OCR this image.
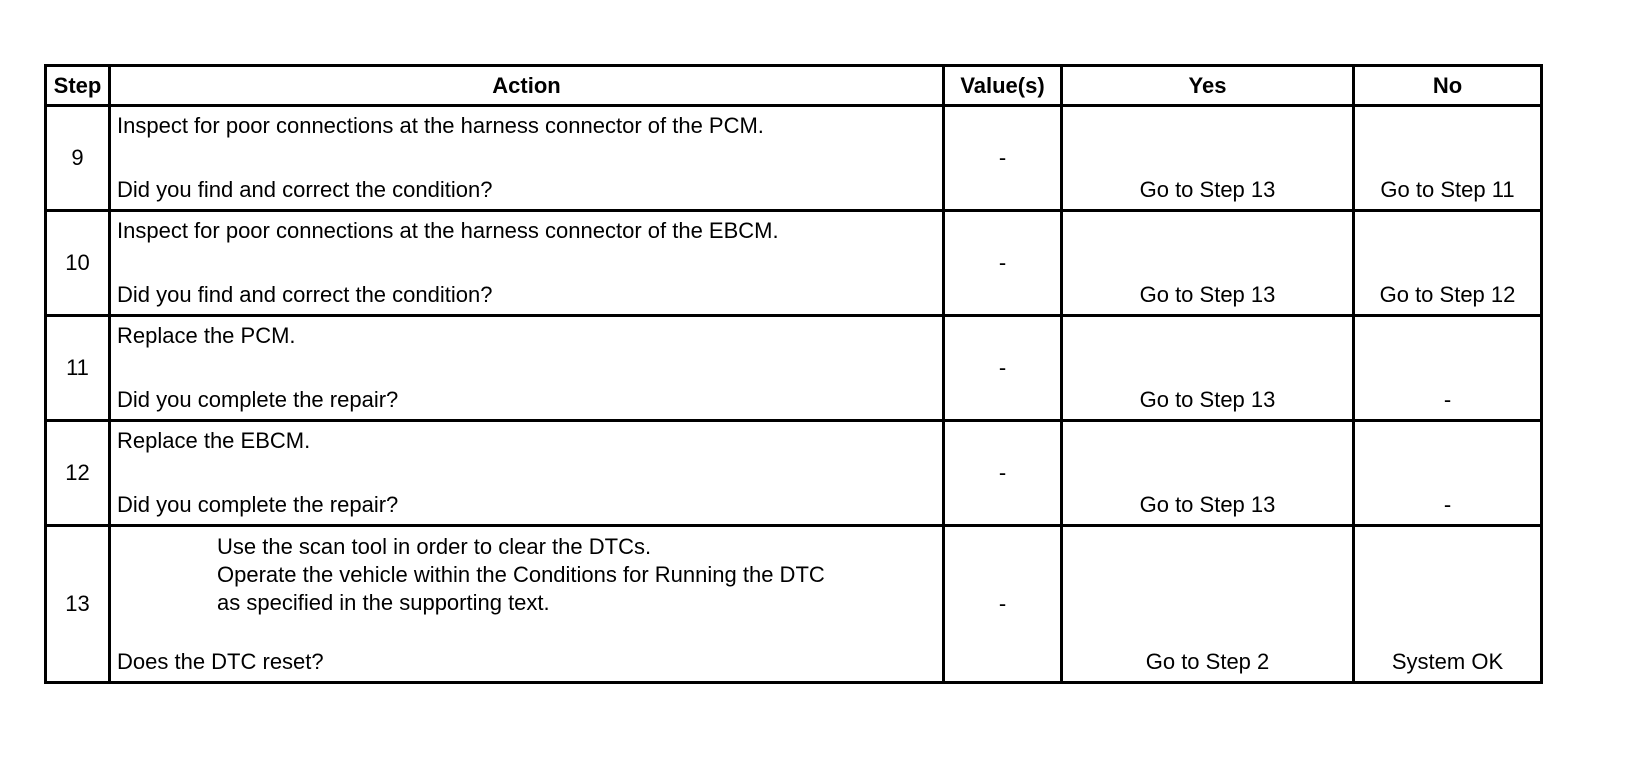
Step	Action	Value(s)	Yes	No
9	Inspect for poor connections at the harness connector of the PCM.
Did you find and correct the condition?	-	Go to Step 13	Go to Step 11

10	Inspect for poor connections at the harness connector of the EBCM.
Did you find and correct the condition?	-	Go to Step 13	Go to Step 12

11	Replace the PCM.
Did you complete the repair?	-	Go to Step 13	-

12	Replace the EBCM.
Did you complete the repair?	-	Go to Step 13	-

13	Use the scan tool in order to clear the DTCs.
Operate the vehicle within the Conditions for Running the DTC
as specified in the supporting text.
Does the DTC reset?	-	Go to Step 2	System OK
